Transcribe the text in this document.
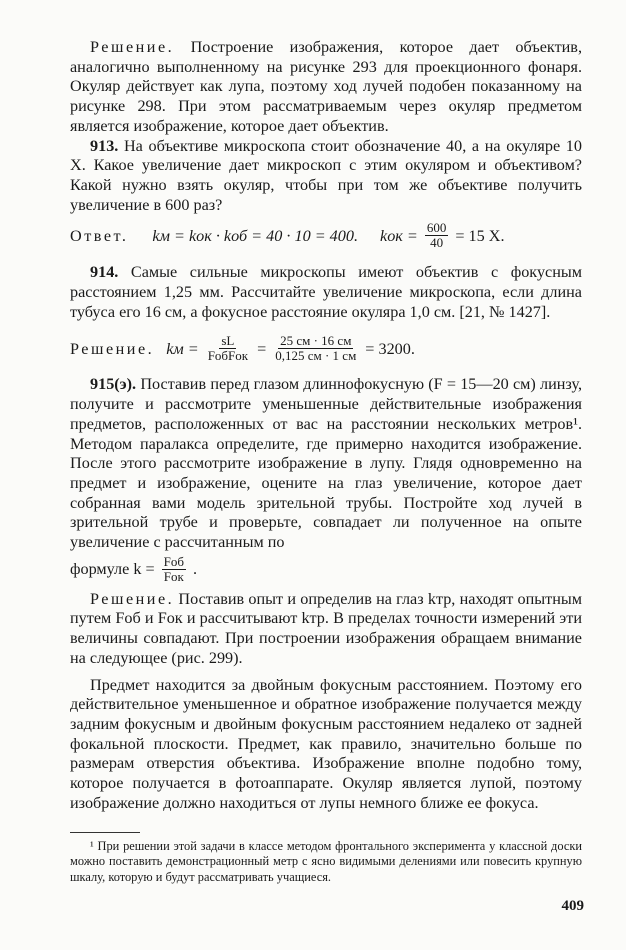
Решение. Построение изображения, которое дает объектив, аналогично выполненному на рисунке 293 для проекционного фонаря. Окуляр действует как лупа, поэтому ход лучей подобен показанному на рисунке 298. При этом рассматриваемым через окуляр предметом является изображение, которое дает объектив.

913. На объективе микроскопа стоит обозначение 40, а на окуляре 10 Х. Какое увеличение дает микроскоп с этим окуляром и объективом? Какой нужно взять окуляр, чтобы при том же объективе получить увеличение в 600 раз?

Ответ. kм = kок · kоб = 40 · 10 = 400. kок = $\frac{600}{40} = 15$ Х.

914. Самые сильные микроскопы имеют объектив с фокусным расстоянием 1,25 мм. Рассчитайте увеличение микроскопа, если длина тубуса его 16 см, а фокусное расстояние окуляра 1,0 см. [21, № 1427].

Решение. kм = $\frac{sL}{\text{FобFок}} = \frac{25 см \cdot 16 см}{0,125 см \cdot 1 см} = 3200$.

915(э). Поставив перед глазом длиннофокусную (F = 15—20 см) линзу, получите и рассмотрите уменьшенные действительные изображения предметов, расположенных от вас на расстоянии нескольких метров¹. Методом паралакса определите, где примерно находится изображение. После этого рассмотрите изображение в лупу. Глядя одновременно на предмет и изображение, оцените на глаз увеличение, которое дает собранная вами модель зрительной трубы. Постройте ход лучей в зрительной трубе и проверьте, совпадает ли полученное на опыте увеличение с рассчитанным по

формуле $k = \frac{\text{Fоб}}{\text{Fок}}$ .

Решение. Поставив опыт и определив на глаз kтр, находят опытным путем Fоб и Fок и рассчитывают kтр. В пределах точности измерений эти величины совпадают. При построении изображения обращаем внимание на следующее (рис. 299).

Предмет находится за двойным фокусным расстоянием. Поэтому его действительное уменьшенное и обратное изображение получается между задним фокусным и двойным фокусным расстоянием недалеко от задней фокальной плоскости. Предмет, как правило, значительно больше по размерам отверстия объектива. Изображение вполне подобно тому, которое получается в фотоаппарате. Окуляр является лупой, поэтому изображение должно находиться от лупы немного ближе ее фокуса.

¹ При решении этой задачи в классе методом фронтального эксперимента у классной доски можно поставить демонстрационный метр с ясно видимыми делениями или повесить крупную шкалу, которую и будут рассматривать учащиеся.

409
